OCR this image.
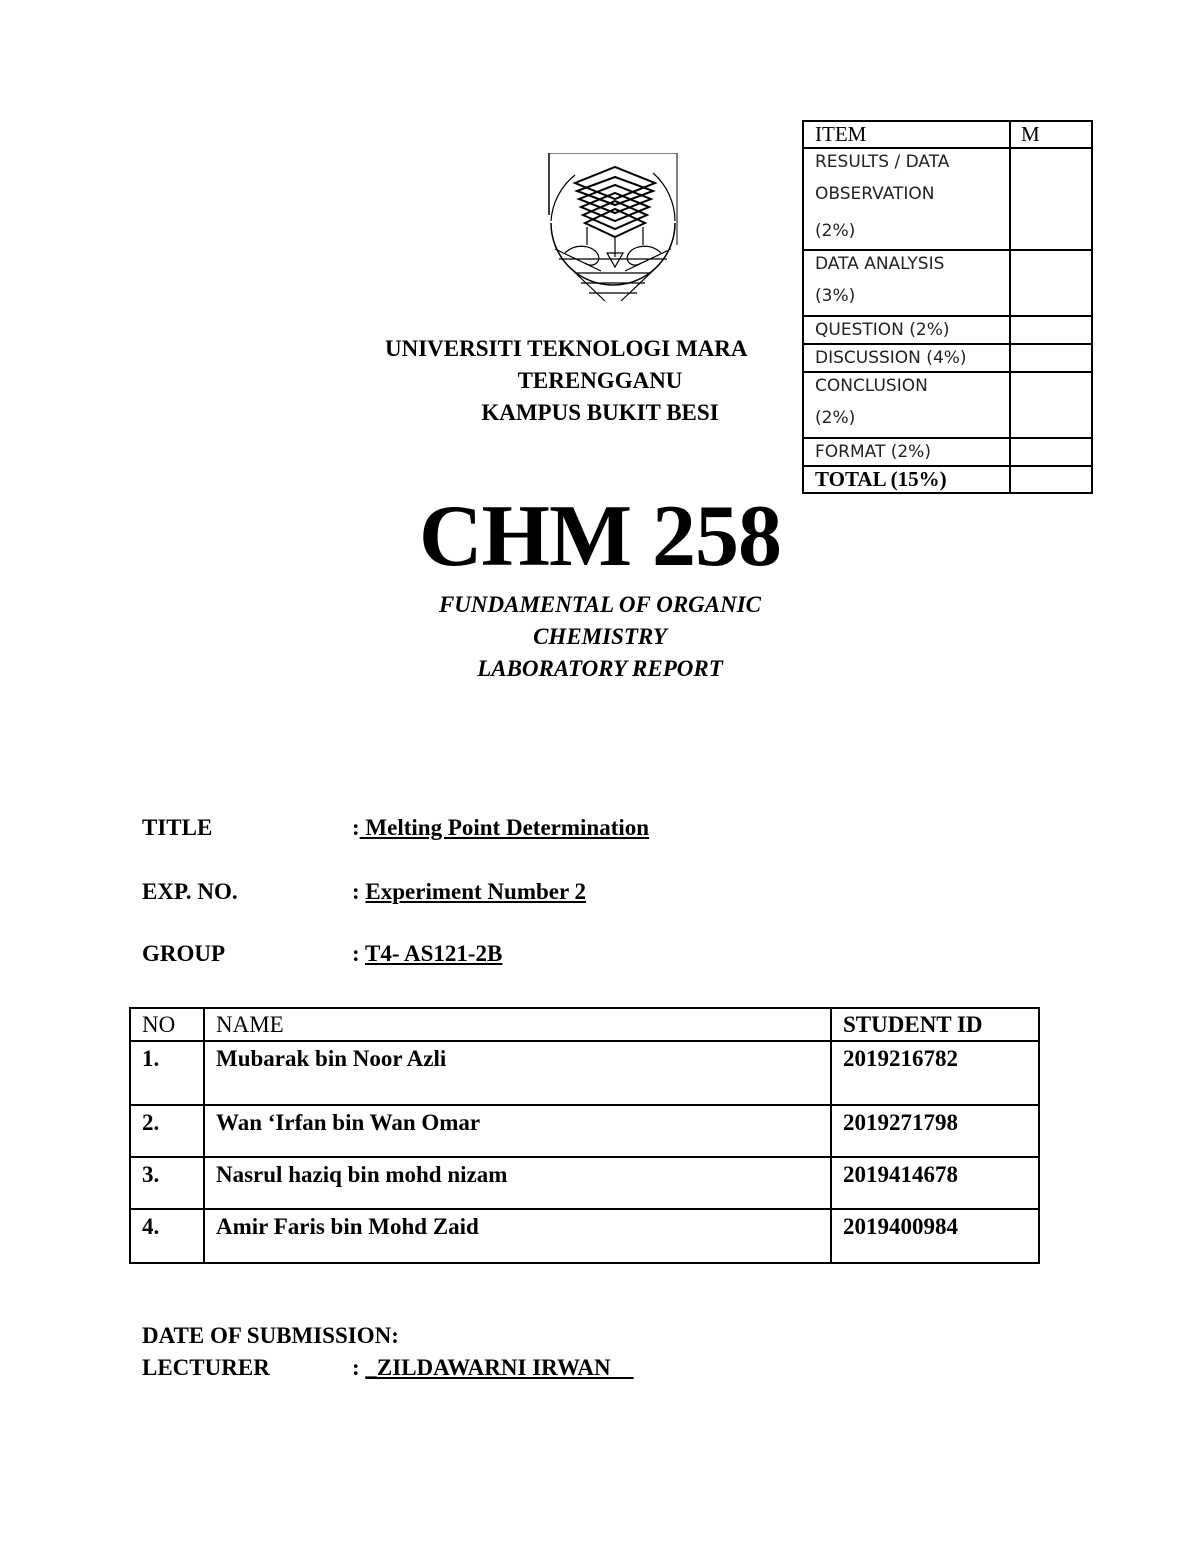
UNIVERSITI TEKNOLOGI MARA
TERENGGANU
KAMPUS BUKIT BESI
ITEM	M

RESULTS / DATA
OBSERVATION
(2%)	

DATA ANALYSIS
(3%)	

QUESTION (2%)	
DISCUSSION (4%)	

CONCLUSION
(2%)	

FORMAT (2%)	
TOTAL (15%)	
CHM 258
FUNDAMENTAL OF ORGANIC
CHEMISTRY
LABORATORY REPORT
TITLE	: Melting Point Determination
EXP. NO.	: Experiment Number 2
GROUP	: T4- AS121-2B
NO	NAME	STUDENT ID
1.	Mubarak bin Noor Azli	2019216782
2.	Wan ‘Irfan bin Wan Omar	2019271798
3.	Nasrul haziq bin mohd nizam	2019414678
4.	Amir Faris bin Mohd Zaid	2019400984
DATE OF SUBMISSION:
LECTURER	: _ZILDAWARNI IRWAN
